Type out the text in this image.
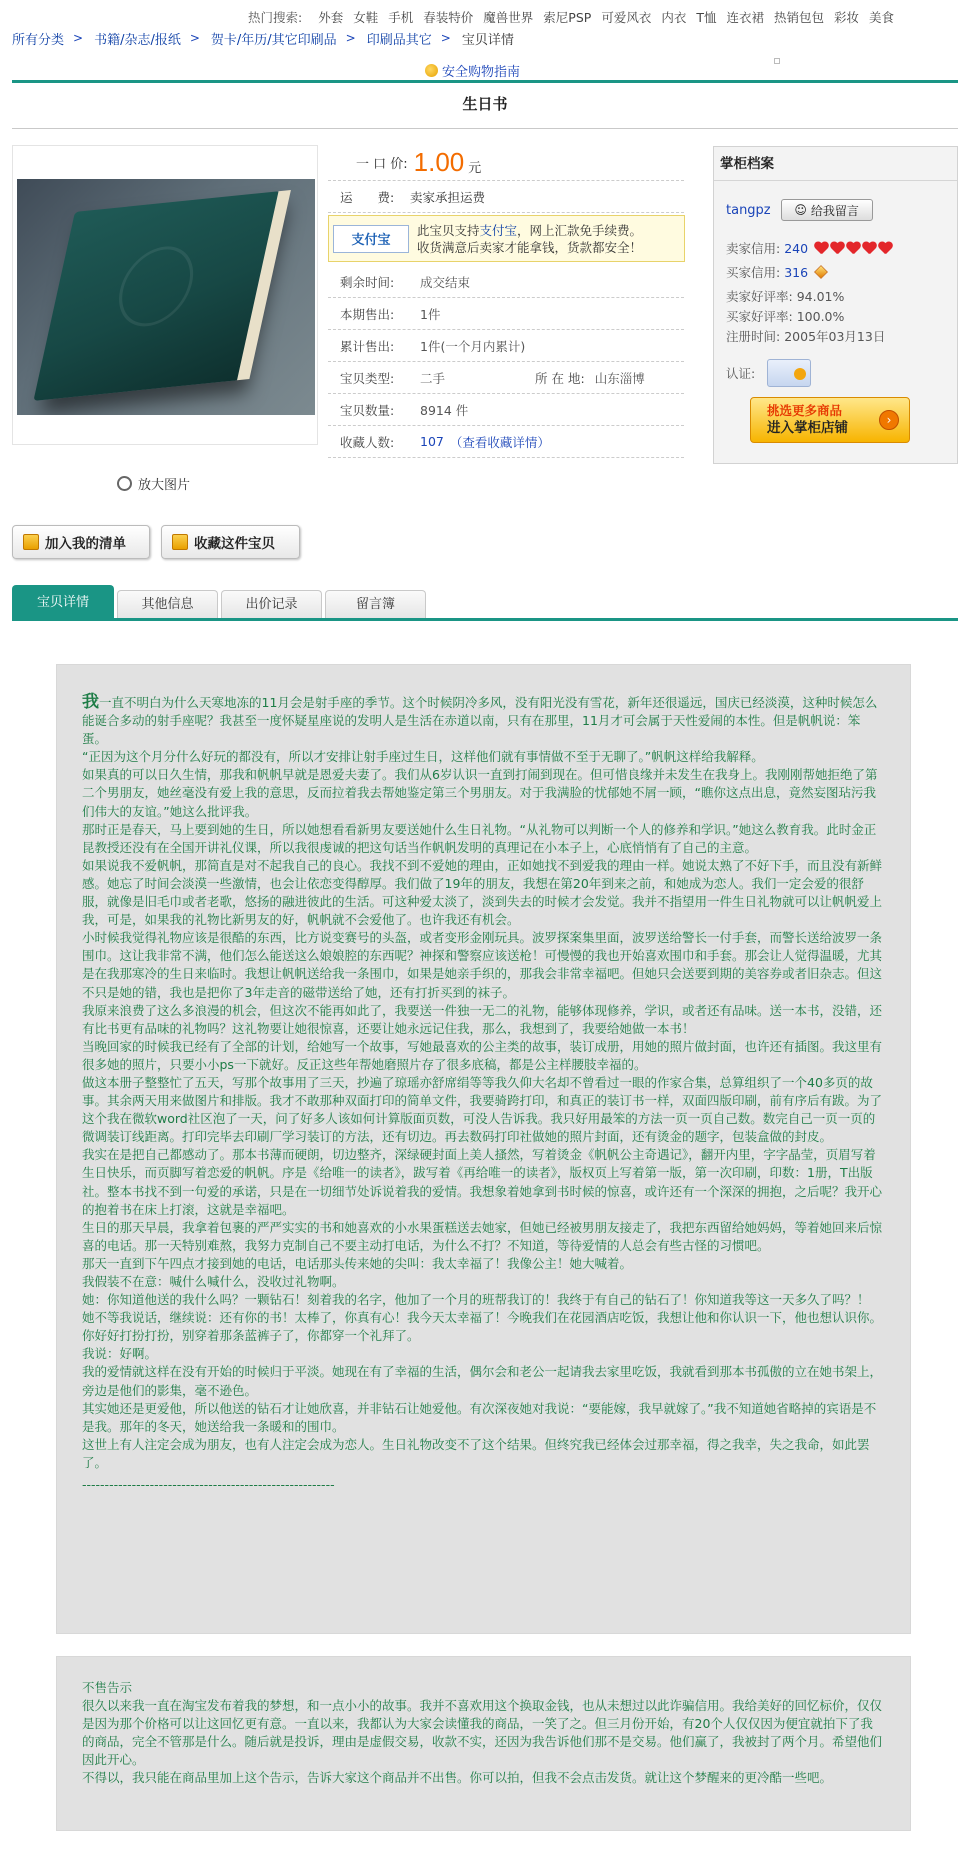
热门搜索: 外套 女鞋 手机 春装特价 魔兽世界 索尼PSP 可爱风衣 内衣 T恤 连衣裙 热销包包 彩妆 美食
所有分类 > 书籍/杂志/报纸 > 贺卡/年历/其它印刷品 > 印刷品其它 > 宝贝详情
安全购物指南
生日书
放大图片
加入我的清单	收藏这件宝贝
一 口 价: 1.00 元
运　　费:	卖家承担运费
支付宝
此宝贝支持支付宝，网上汇款免手续费。
收货满意后卖家才能拿钱，货款都安全！
剩余时间:	成交结束
本期售出:	1件
累计售出:	1件(一个月内累计)
宝贝类型:	二手	所 在 地: 山东淄博
宝贝数量:	8914 件
收藏人数:	107 （查看收藏详情）
掌柜档案
tangpz ☺ 给我留言
卖家信用: 240
买家信用: 316
卖家好评率: 94.01%
买家好评率: 100.0%
注册时间: 2005年03月13日
认证:
挑选更多商品
进入掌柜店铺	›
宝贝详情	其他信息	出价记录	留言簿

我一直不明白为什么天寒地冻的11月会是射手座的季节。这个时候阴冷多风，没有阳光没有雪花，新年还很遥远，国庆已经淡漠，这种时候怎么能诞合多动的射手座呢？我甚至一度怀疑星座说的发明人是生活在赤道以南，只有在那里，11月才可会属于天性爱闹的本性。但是帆帆说：笨蛋。

“正因为这个月分什么好玩的都没有，所以才安排让射手座过生日，这样他们就有事情做不至于无聊了。”帆帆这样给我解释。

如果真的可以日久生情，那我和帆帆早就是恩爱夫妻了。我们从6岁认识一直到打闹到现在。但可惜良缘并未发生在我身上。我刚刚帮她拒绝了第二个男朋友，她丝毫没有爱上我的意思，反而拉着我去帮她鉴定第三个男朋友。对于我满脸的忧郁她不屑一顾，“瞧你这点出息，竟然妄图玷污我们伟大的友谊。”她这么批评我。

那时正是春天，马上要到她的生日，所以她想看看新男友要送她什么生日礼物。“从礼物可以判断一个人的修养和学识。”她这么教育我。此时金正昆教授还没有在全国开讲礼仪课，所以我很虔诚的把这句话当作帆帆发明的真理记在小本子上，心底悄悄有了自己的主意。

如果说我不爱帆帆，那简直是对不起我自己的良心。我找不到不爱她的理由，正如她找不到爱我的理由一样。她说太熟了不好下手，而且没有新鲜感。她忘了时间会淡漠一些激情，也会让依恋变得醇厚。我们做了19年的朋友，我想在第20年到来之前，和她成为恋人。我们一定会爱的很舒服，就像是旧毛巾或者老歌，悠扬的融进彼此的生活。可这种爱太淡了，淡到失去的时候才会发觉。我并不指望用一件生日礼物就可以让帆帆爱上我，可是，如果我的礼物比新男友的好，帆帆就不会爱他了。也许我还有机会。

小时候我觉得礼物应该是很酷的东西，比方说变赛号的头盔，或者变形金刚玩具。波罗探案集里面，波罗送给警长一付手套，而警长送给波罗一条围巾。这让我非常不满，他们怎么能送这么娘娘腔的东西呢？神探和警察应该送枪！可慢慢的我也开始喜欢围巾和手套。那会让人觉得温暖，尤其是在我那寒冷的生日来临时。我想让帆帆送给我一条围巾，如果是她亲手织的，那我会非常幸福吧。但她只会送要到期的美容券或者旧杂志。但这不只是她的错，我也是把你了3年走音的磁带送给了她，还有打折买到的袜子。

我原来浪费了这么多浪漫的机会，但这次不能再如此了，我要送一件独一无二的礼物，能够体现修养，学识，或者还有品味。送一本书，没错，还有比书更有品味的礼物吗？这礼物要让她很惊喜，还要让她永远记住我，那么，我想到了，我要给她做一本书！

当晚回家的时候我已经有了全部的计划，给她写一个故事，写她最喜欢的公主类的故事，装订成册，用她的照片做封面，也许还有插图。我这里有很多她的照片，只要小小ps一下就好。反正这些年帮她磨照片存了很多底稿，都是公主样腰肢幸福的。

做这本册子整整忙了五天，写那个故事用了三天，抄遍了琼瑶亦舒席绢等等我久仰大名却不曾看过一眼的作家合集，总算组织了一个40多页的故事。其余两天用来做图片和排版。我才不敢那种双面打印的简单文件，我要骑跨打印，和真正的装订书一样，双面四版印刷，前有序后有跋。为了这个我在微软word社区泡了一天，问了好多人该如何计算版面页数，可没人告诉我。我只好用最笨的方法一页一页自己数。数完自己一页一页的微调装订线距离。打印完毕去印刷厂学习装订的方法，还有切边。再去数码打印社做她的照片封面，还有烫金的题字，包装盒做的封皮。

我实在是把自己都感动了。那本书薄而硬朗，切边整齐，深绿硬封面上美人搔然，写着烫金《帆帆公主奇遇记》，翻开内里，字字晶莹，页眉写着生日快乐，而页脚写着恋爱的帆帆。序是《给唯一的读者》，跋写着《再给唯一的读者》，版权页上写着第一版，第一次印刷，印数：1册，T出版社。整本书找不到一句爱的承诺，只是在一切细节处诉说着我的爱情。我想象着她拿到书时候的惊喜，或许还有一个深深的拥抱，之后呢？我开心的抱着书在床上打滚，这就是幸福吧。

生日的那天早晨，我拿着包裹的严严实实的书和她喜欢的小水果蛋糕送去她家，但她已经被男朋友接走了，我把东西留给她妈妈，等着她回来后惊喜的电话。那一天特别难熬，我努力克制自己不要主动打电话，为什么不打？不知道，等待爱情的人总会有些古怪的习惯吧。

那天一直到下午四点才接到她的电话，电话那头传来她的尖叫：我太幸福了！我像公主！她大喊着。

我假装不在意：喊什么喊什么，没收过礼物啊。

她：你知道他送的我什么吗？一颗钻石！刻着我的名字，他加了一个月的班帮我订的！我终于有自己的钻石了！你知道我等这一天多久了吗？！

她不等我说话，继续说：还有你的书！太棒了，你真有心！我今天太幸福了！今晚我们在花园酒店吃饭，我想让他和你认识一下，他也想认识你。你好好打扮打扮，别穿着那条蓝裤子了，你都穿一个礼拜了。

我说：好啊。

我的爱情就这样在没有开始的时候归于平淡。她现在有了幸福的生活，偶尔会和老公一起请我去家里吃饭，我就看到那本书孤傲的立在她书架上，旁边是他们的影集，毫不逊色。

其实她还是更爱他，所以他送的钻石才让她欣喜，并非钻石让她爱他。有次深夜她对我说：“要能嫁，我早就嫁了。”我不知道她省略掉的宾语是不是我。那年的冬天，她送给我一条暖和的围巾。

这世上有人注定会成为朋友，也有人注定会成为恋人。生日礼物改变不了这个结果。但终究我已经体会过那幸福，得之我幸，失之我命，如此罢了。

--------------------------------------------------------

不售告示

很久以来我一直在淘宝发布着我的梦想，和一点小小的故事。我并不喜欢用这个换取金钱，也从未想过以此诈骗信用。我给美好的回忆标价，仅仅是因为那个价格可以让这回忆更有意。一直以来，我都认为大家会读懂我的商品，一笑了之。但三月份开始，有20个人仅仅因为便宜就拍下了我的商品，完全不管那是什么。随后就是投诉，理由是虚假交易，收款不实，还因为我告诉他们那不是交易。他们赢了，我被封了两个月。希望他们因此开心。

不得以，我只能在商品里加上这个告示，告诉大家这个商品并不出售。你可以拍，但我不会点击发货。就让这个梦醒来的更冷酷一些吧。
